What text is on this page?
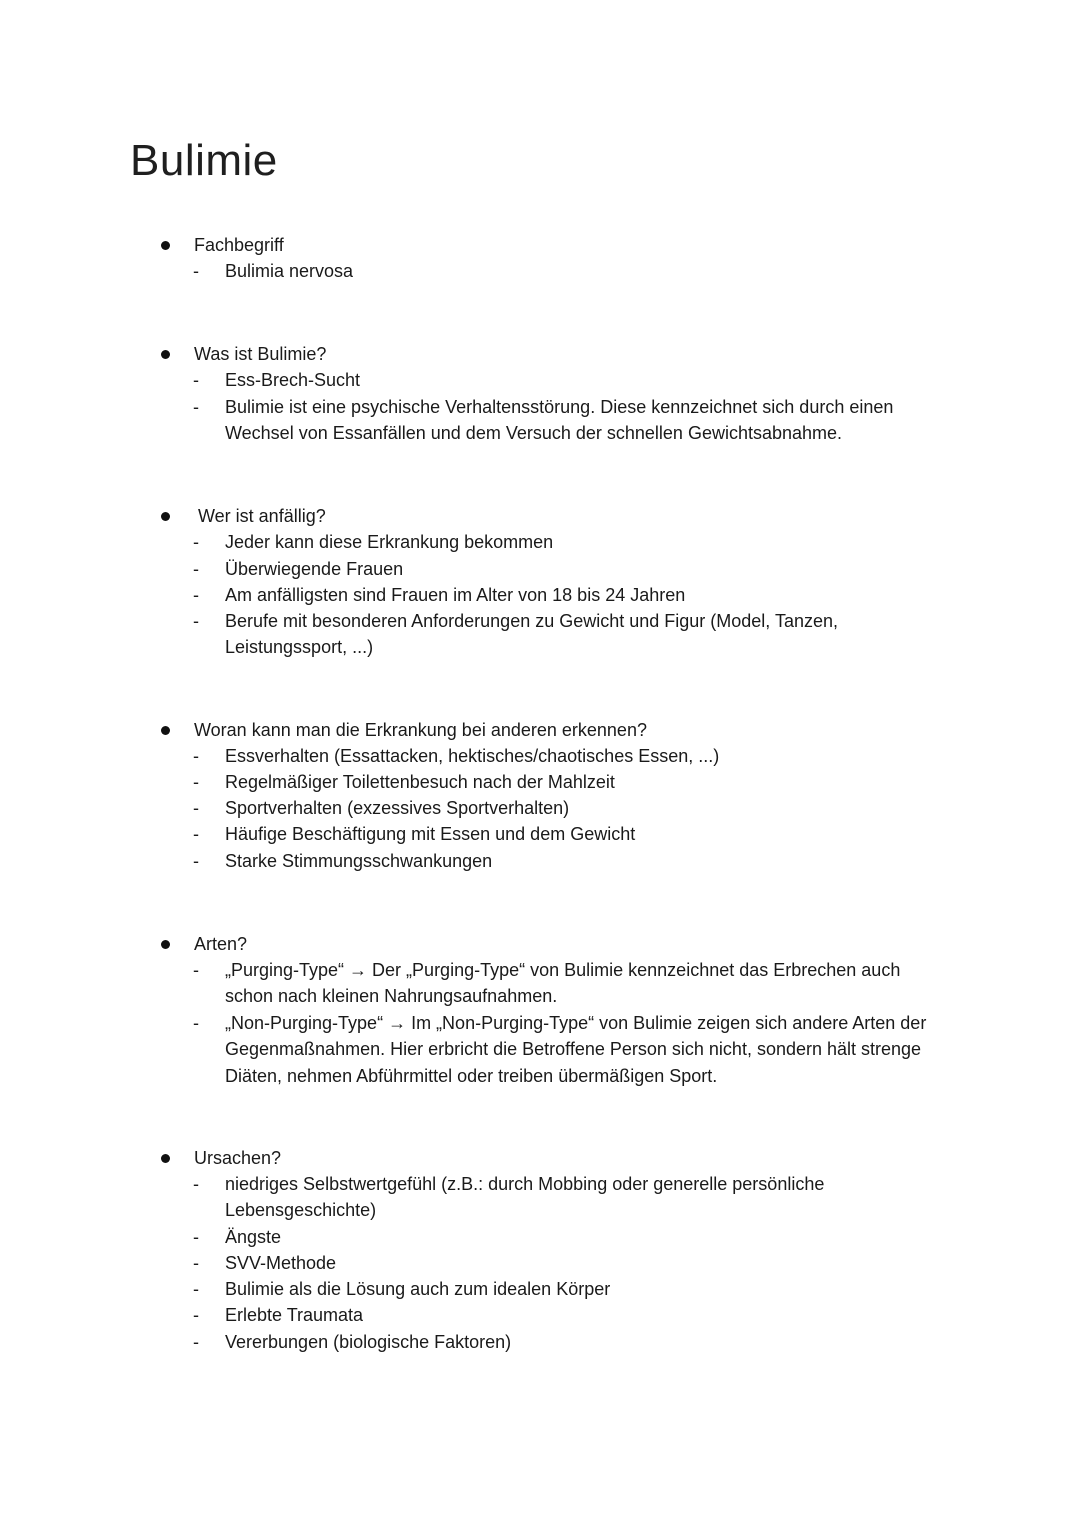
Bulimie
Fachbegriff
- Bulimia nervosa
Was ist Bulimie?
- Ess-Brech-Sucht
- Bulimie ist eine psychische Verhaltensstörung. Diese kennzeichnet sich durch einen Wechsel von Essanfällen und dem Versuch der schnellen Gewichtsabnahme.
Wer ist anfällig?
- Jeder kann diese Erkrankung bekommen
- Überwiegende Frauen
- Am anfälligsten sind Frauen im Alter von 18 bis 24 Jahren
- Berufe mit besonderen Anforderungen zu Gewicht und Figur (Model, Tanzen, Leistungssport, ...)
Woran kann man die Erkrankung bei anderen erkennen?
- Essverhalten (Essattacken, hektisches/chaotisches Essen, ...)
- Regelmäßiger Toilettenbesuch nach der Mahlzeit
- Sportverhalten (exzessives Sportverhalten)
- Häufige Beschäftigung mit Essen und dem Gewicht
- Starke Stimmungsschwankungen
Arten?
- „Purging-Type“ → Der „Purging-Type“ von Bulimie kennzeichnet das Erbrechen auch schon nach kleinen Nahrungsaufnahmen.
- „Non-Purging-Type“ → Im „Non-Purging-Type“ von Bulimie zeigen sich andere Arten der Gegenmaßnahmen. Hier erbricht die Betroffene Person sich nicht, sondern hält strenge Diäten, nehmen Abführmittel oder treiben übermäßigen Sport.
Ursachen?
- niedriges Selbstwertgefühl (z.B.: durch Mobbing oder generelle persönliche Lebensgeschichte)
- Ängste
- SVV-Methode
- Bulimie als die Lösung auch zum idealen Körper
- Erlebte Traumata
- Vererbungen (biologische Faktoren)
